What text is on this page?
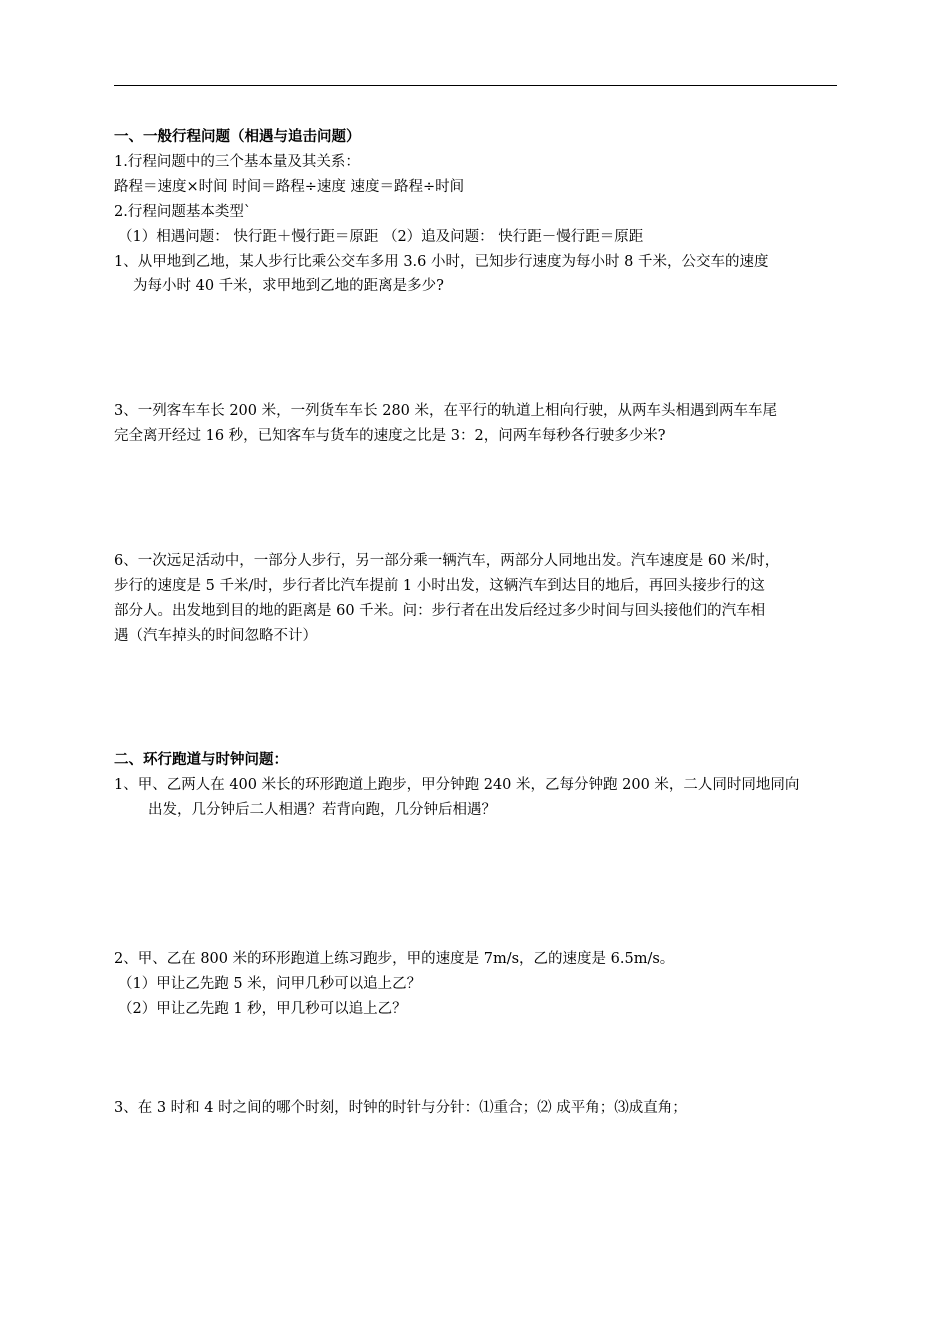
一、一般行程问题（相遇与追击问题）
1.行程问题中的三个基本量及其关系：
路程＝速度×时间 时间＝路程÷速度 速度＝路程÷时间
2.行程问题基本类型`
（1）相遇问题： 快行距＋慢行距＝原距 （2）追及问题： 快行距－慢行距＝原距
1、从甲地到乙地，某人步行比乘公交车多用 3.6 小时，已知步行速度为每小时 8 千米，公交车的速度
为每小时 40 千米，求甲地到乙地的距离是多少?
3、一列客车车长 200 米，一列货车车长 280 米，在平行的轨道上相向行驶，从两车头相遇到两车车尾
完全离开经过 16 秒，已知客车与货车的速度之比是 3：2，问两车每秒各行驶多少米?
6、一次远足活动中，一部分人步行，另一部分乘一辆汽车，两部分人同地出发。汽车速度是 60 米/时，
步行的速度是 5 千米/时，步行者比汽车提前 1 小时出发，这辆汽车到达目的地后，再回头接步行的这
部分人。出发地到目的地的距离是 60 千米。问：步行者在出发后经过多少时间与回头接他们的汽车相
遇（汽车掉头的时间忽略不计）
二、环行跑道与时钟问题：
1、甲、乙两人在 400 米长的环形跑道上跑步，甲分钟跑 240 米，乙每分钟跑 200 米，二人同时同地同向
出发，几分钟后二人相遇？若背向跑，几分钟后相遇？
2、甲、乙在 800 米的环形跑道上练习跑步，甲的速度是 7m/s，乙的速度是 6.5m/s。
（1）甲让乙先跑 5 米，问甲几秒可以追上乙？
（2）甲让乙先跑 1 秒，甲几秒可以追上乙？
3、在 3 时和 4 时之间的哪个时刻，时钟的时针与分针：⑴重合；⑵ 成平角；⑶成直角；
